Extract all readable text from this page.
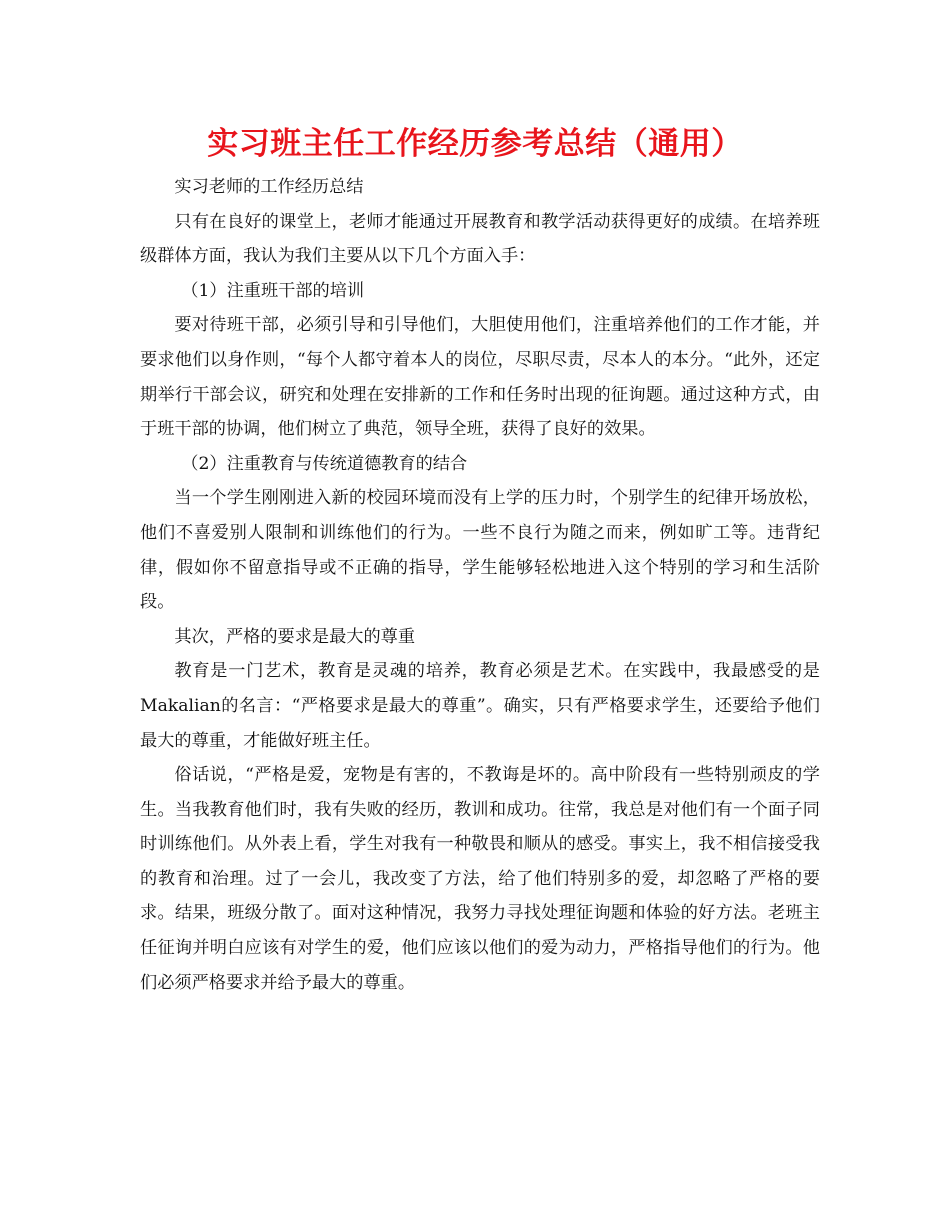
实习班主任工作经历参考总结（通用）

实习老师的工作经历总结

只有在良好的课堂上，老师才能通过开展教育和教学活动获得更好的成绩。在培养班级群体方面，我认为我们主要从以下几个方面入手：

（1）注重班干部的培训

要对待班干部，必须引导和引导他们，大胆使用他们，注重培养他们的工作才能，并要求他们以身作则，“每个人都守着本人的岗位，尽职尽责，尽本人的本分。“此外，还定期举行干部会议，研究和处理在安排新的工作和任务时出现的征询题。通过这种方式，由于班干部的协调，他们树立了典范，领导全班，获得了良好的效果。

（2）注重教育与传统道德教育的结合

当一个学生刚刚进入新的校园环境而没有上学的压力时，个别学生的纪律开场放松，他们不喜爱别人限制和训练他们的行为。一些不良行为随之而来，例如旷工等。违背纪律，假如你不留意指导或不正确的指导，学生能够轻松地进入这个特别的学习和生活阶段。

其次，严格的要求是最大的尊重

教育是一门艺术，教育是灵魂的培养，教育必须是艺术。在实践中，我最感受的是Makalian的名言：“严格要求是最大的尊重”。确实，只有严格要求学生，还要给予他们最大的尊重，才能做好班主任。

俗话说，“严格是爱，宠物是有害的，不教诲是坏的。高中阶段有一些特别顽皮的学生。当我教育他们时，我有失败的经历，教训和成功。往常，我总是对他们有一个面子同时训练他们。从外表上看，学生对我有一种敬畏和顺从的感受。事实上，我不相信接受我的教育和治理。过了一会儿，我改变了方法，给了他们特别多的爱，却忽略了严格的要求。结果，班级分散了。面对这种情况，我努力寻找处理征询题和体验的好方法。老班主任征询并明白应该有对学生的爱，他们应该以他们的爱为动力，严格指导他们的行为。他们必须严格要求并给予最大的尊重。
